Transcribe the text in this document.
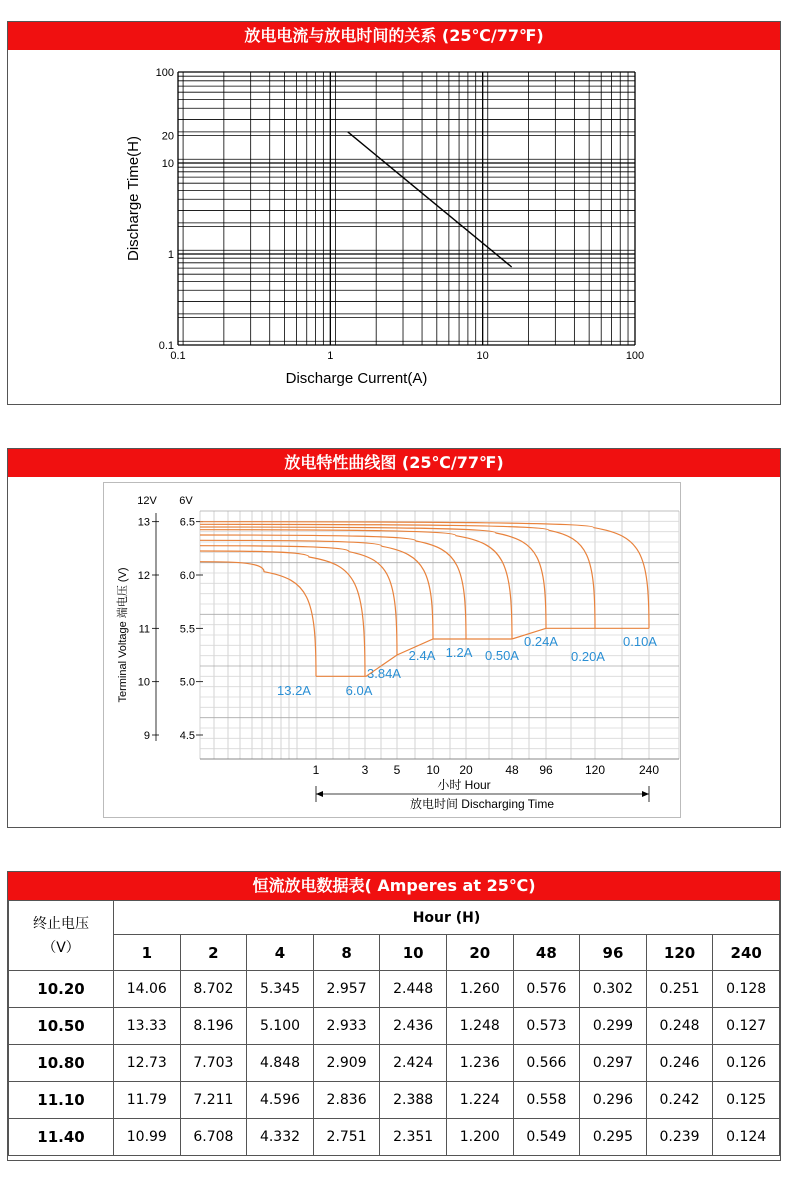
放电电流与放电时间的关系 (25℃/77℉)
0.1	1	10	100
0.1
1
10
20
100
Discharge Current(A)
Discharge Time(H)
放电特性曲线图 (25℃/77℉)
12V 6V
13
12
11
10
9
6.5
6.0
5.5
5.0
4.5
Terminal Voltage 端电压 (V)
1	3 5 10 20	48 96	120	240
小时 Hour
放电时间 Discharging Time
13.2A	6.0A
3.84A
2.4A 1.2A 0.50A
0.24A
0.20A
0.10A
恒流放电数据表( Amperes at 25℃)
终止电压
（V）	Hour (H)									
	1	2	4	8	10	20	48	96	120	240
10.20	14.06	8.702	5.345	2.957	2.448	1.260	0.576	0.302	0.251	0.128
10.50	13.33	8.196	5.100	2.933	2.436	1.248	0.573	0.299	0.248	0.127
10.80	12.73	7.703	4.848	2.909	2.424	1.236	0.566	0.297	0.246	0.126
11.10	11.79	7.211	4.596	2.836	2.388	1.224	0.558	0.296	0.242	0.125
11.40	10.99	6.708	4.332	2.751	2.351	1.200	0.549	0.295	0.239	0.124
